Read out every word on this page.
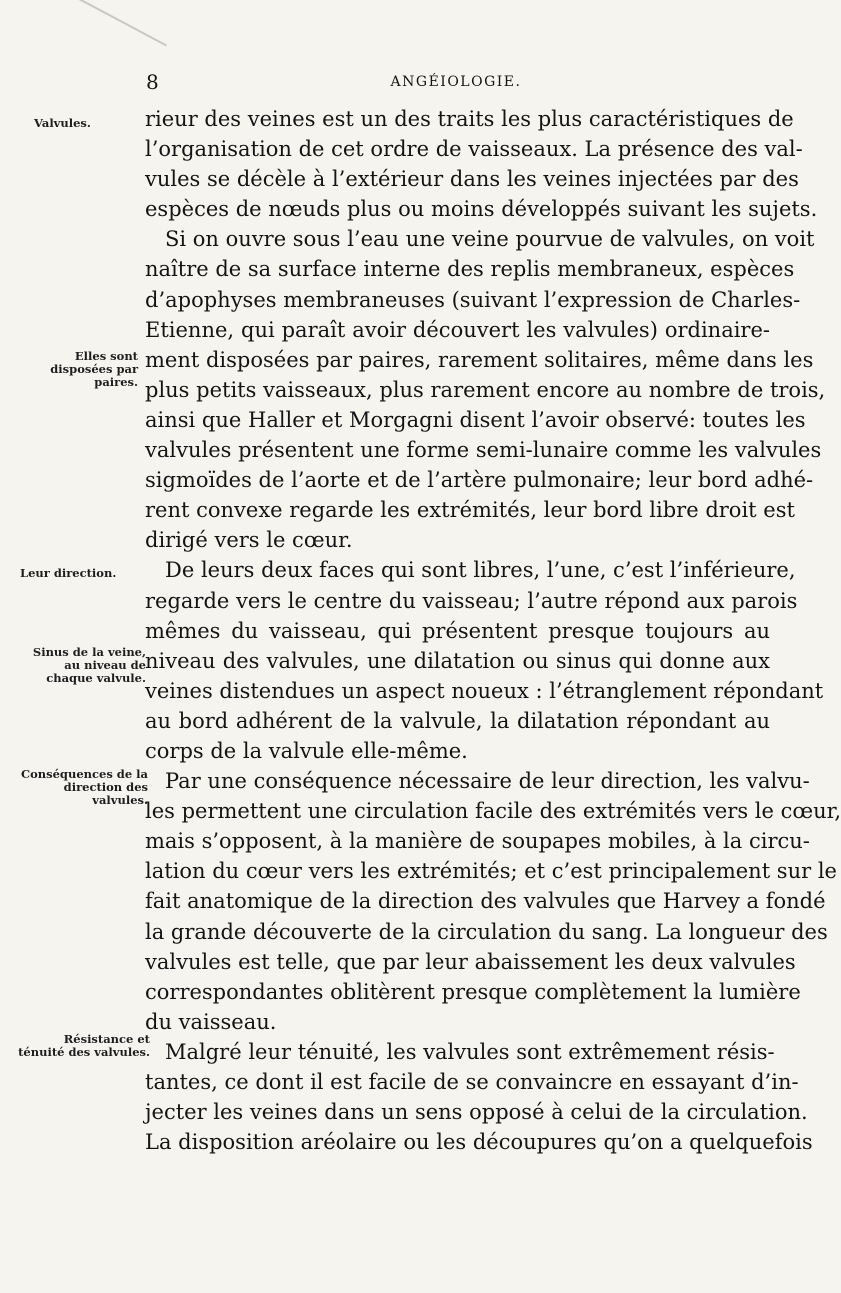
8	ANGÉIOLOGIE.
Valvules.
Elles sont disposées par paires.
Leur direction.
Sinus de la veine, au niveau de chaque valvule.
Conséquences de la direction des valvules.
Résistance et ténuité des valvules.
rieur des veines est un des traits les plus caractéristiques de
l’organisation de cet ordre de vaisseaux. La présence des val-
vules se décèle à l’extérieur dans les veines injectées par des
espèces de nœuds plus ou moins développés suivant les sujets.
Si on ouvre sous l’eau une veine pourvue de valvules, on voit
naître de sa surface interne des replis membraneux, espèces
d’apophyses membraneuses (suivant l’expression de Charles-
Etienne, qui paraît avoir découvert les valvules) ordinaire-
ment disposées par paires, rarement solitaires, même dans les
plus petits vaisseaux, plus rarement encore au nombre de trois,
ainsi que Haller et Morgagni disent l’avoir observé: toutes les
valvules présentent une forme semi-lunaire comme les valvules
sigmoïdes de l’aorte et de l’artère pulmonaire; leur bord adhé-
rent convexe regarde les extrémités, leur bord libre droit est
dirigé vers le cœur.
De leurs deux faces qui sont libres, l’une, c’est l’inférieure,
regarde vers le centre du vaisseau; l’autre répond aux parois
mêmes du vaisseau, qui présentent presque toujours au
niveau des valvules, une dilatation ou sinus qui donne aux
veines distendues un aspect noueux : l’étranglement répondant
au bord adhérent de la valvule, la dilatation répondant au
corps de la valvule elle-même.
Par une conséquence nécessaire de leur direction, les valvu-
les permettent une circulation facile des extrémités vers le cœur,
mais s’opposent, à la manière de soupapes mobiles, à la circu-
lation du cœur vers les extrémités; et c’est principalement sur le
fait anatomique de la direction des valvules que Harvey a fondé
la grande découverte de la circulation du sang. La longueur des
valvules est telle, que par leur abaissement les deux valvules
correspondantes oblitèrent presque complètement la lumière
du vaisseau.
Malgré leur ténuité, les valvules sont extrêmement résis-
tantes, ce dont il est facile de se convaincre en essayant d’in-
jecter les veines dans un sens opposé à celui de la circulation.
La disposition aréolaire ou les découpures qu’on a quelquefois
